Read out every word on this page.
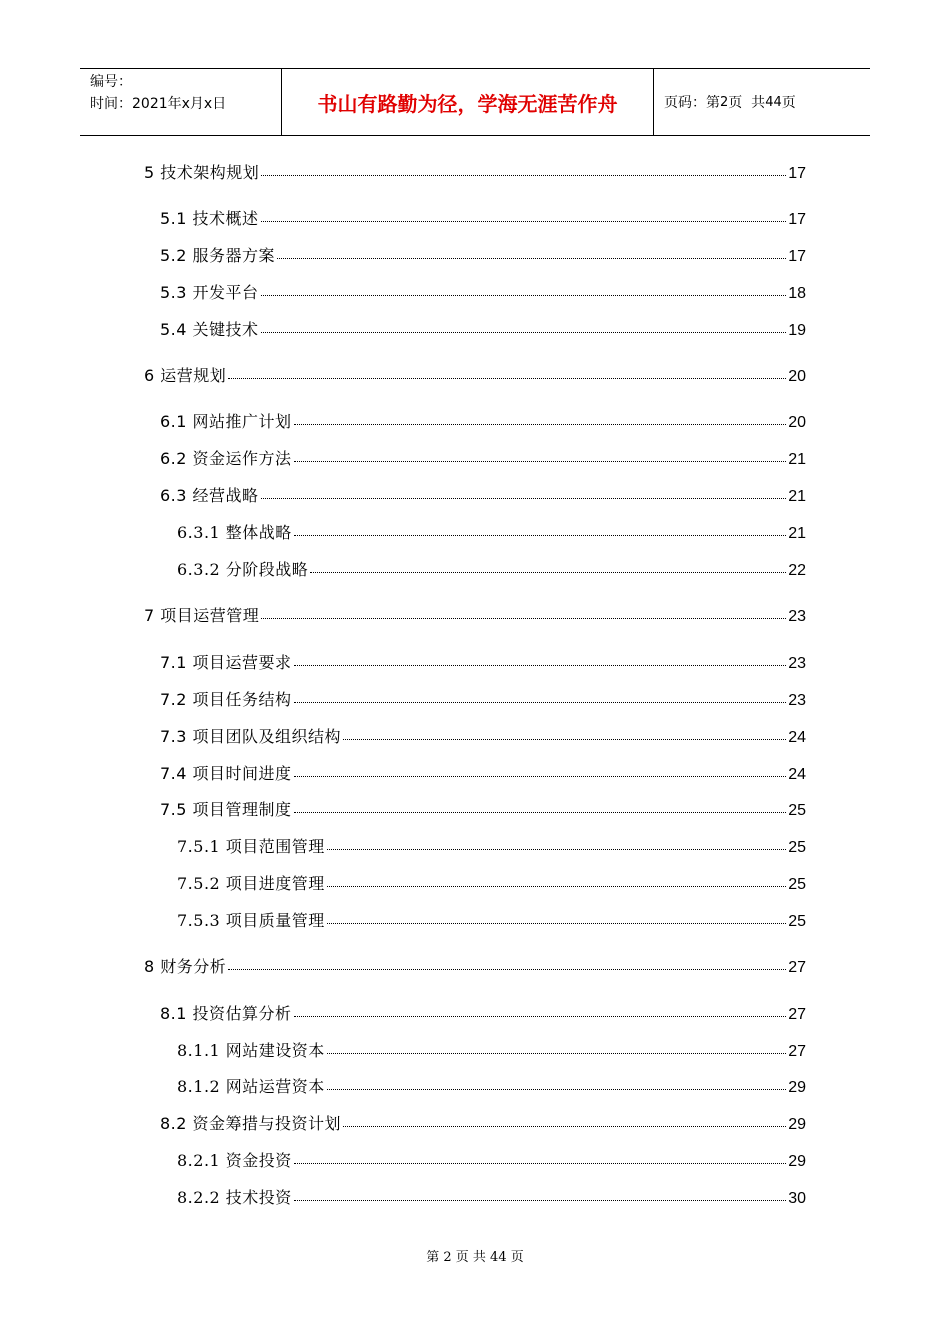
编号：
时间：2021年x月x日	书山有路勤为径，学海无涯苦作舟	页码：第 2 页  共 44 页
5 技术架构规划	17
5.1 技术概述	17
5.2 服务器方案	17
5.3 开发平台	18
5.4 关键技术	19
6 运营规划	20
6.1 网站推广计划	20
6.2 资金运作方法	21
6.3 经营战略	21
6.3.1 整体战略	21
6.3.2 分阶段战略	22
7 项目运营管理	23
7.1 项目运营要求	23
7.2 项目任务结构	23
7.3 项目团队及组织结构	24
7.4 项目时间进度	24
7.5 项目管理制度	25
7.5.1 项目范围管理	25
7.5.2 项目进度管理	25
7.5.3 项目质量管理	25
8 财务分析	27
8.1 投资估算分析	27
8.1.1 网站建设资本	27
8.1.2 网站运营资本	29
8.2 资金筹措与投资计划	29
8.2.1 资金投资	29
8.2.2 技术投资	30
第 2 页 共 44 页
